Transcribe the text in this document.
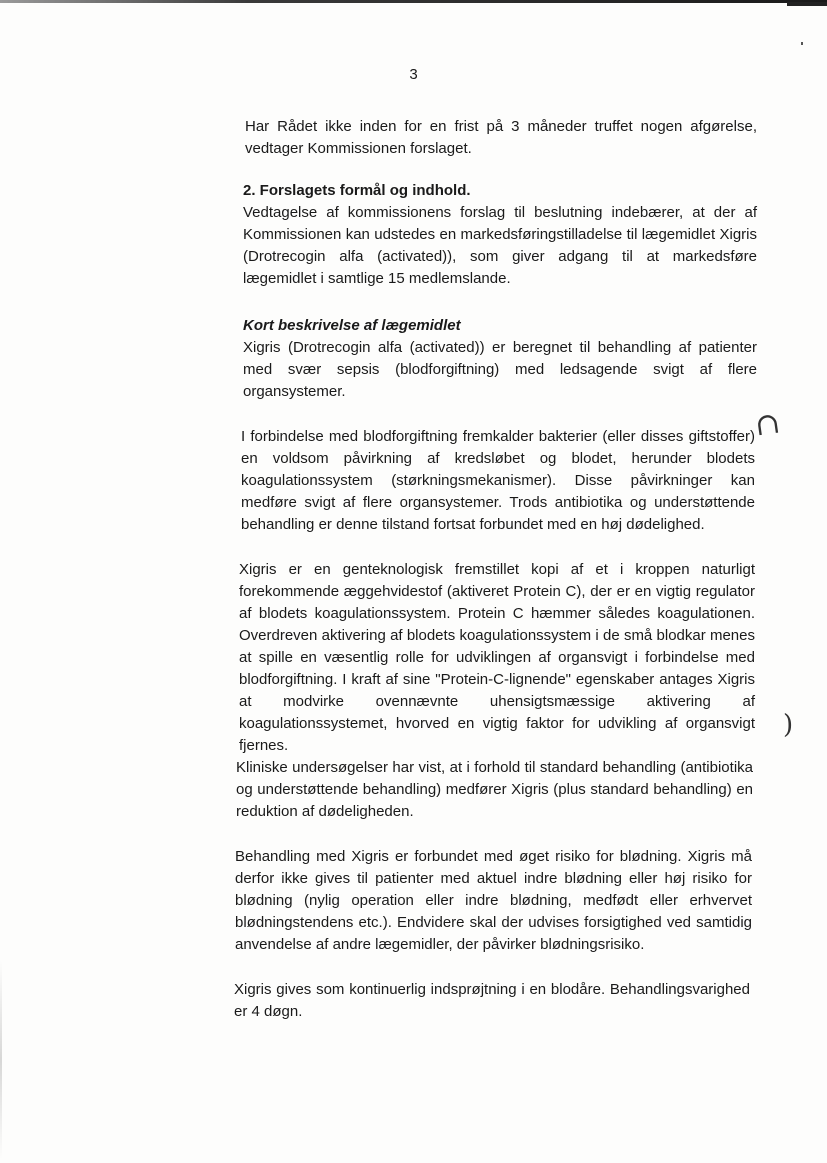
3

Har Rådet ikke inden for en frist på 3 måneder truffet nogen afgørelse, vedtager Kommissionen forslaget.

2. Forslagets formål og indhold.
Vedtagelse af kommissionens forslag til beslutning indebærer, at der af Kommissionen kan udstedes en markedsføringstilladelse til lægemidlet Xigris (Drotrecogin alfa (activated)), som giver adgang til at markedsføre lægemidlet i samtlige 15 medlemslande.
Kort beskrivelse af lægemidlet
Xigris (Drotrecogin alfa (activated)) er beregnet til behandling af patienter med svær sepsis (blodforgiftning) med ledsagende svigt af flere organsystemer.

I forbindelse med blodforgiftning fremkalder bakterier (eller disses giftstoffer) en voldsom påvirkning af kredsløbet og blodet, herunder blodets koagulationssystem (størkningsmekanismer). Disse påvirkninger kan medføre svigt af flere organsystemer. Trods antibiotika og understøttende behandling er denne tilstand fortsat forbundet med en høj dødelighed.

Xigris er en genteknologisk fremstillet kopi af et i kroppen naturligt forekommende æggehvidestof (aktiveret Protein C), der er en vigtig regulator af blodets koagulationssystem. Protein C hæmmer således koagulationen. Overdreven aktivering af blodets koagulationssystem i de små blodkar menes at spille en væsentlig rolle for udviklingen af organsvigt i forbindelse med blodforgiftning. I kraft af sine "Protein-C-lignende" egenskaber antages Xigris at modvirke ovennævnte uhensigtsmæssige aktivering af koagulationssystemet, hvorved en vigtig faktor for udvikling af organsvigt fjernes.

Kliniske undersøgelser har vist, at i forhold til standard behandling (antibiotika og understøttende behandling) medfører Xigris (plus standard behandling) en reduktion af dødeligheden.

Behandling med Xigris er forbundet med øget risiko for blødning. Xigris må derfor ikke gives til patienter med aktuel indre blødning eller høj risiko for blødning (nylig operation eller indre blødning, medfødt eller erhvervet blødningstendens etc.). Endvidere skal der udvises forsigtighed ved samtidig anvendelse af andre lægemidler, der påvirker blødningsrisiko.

Xigris gives som kontinuerlig indsprøjtning i en blodåre. Behandlingsvarighed er 4 døgn.

∩
)
